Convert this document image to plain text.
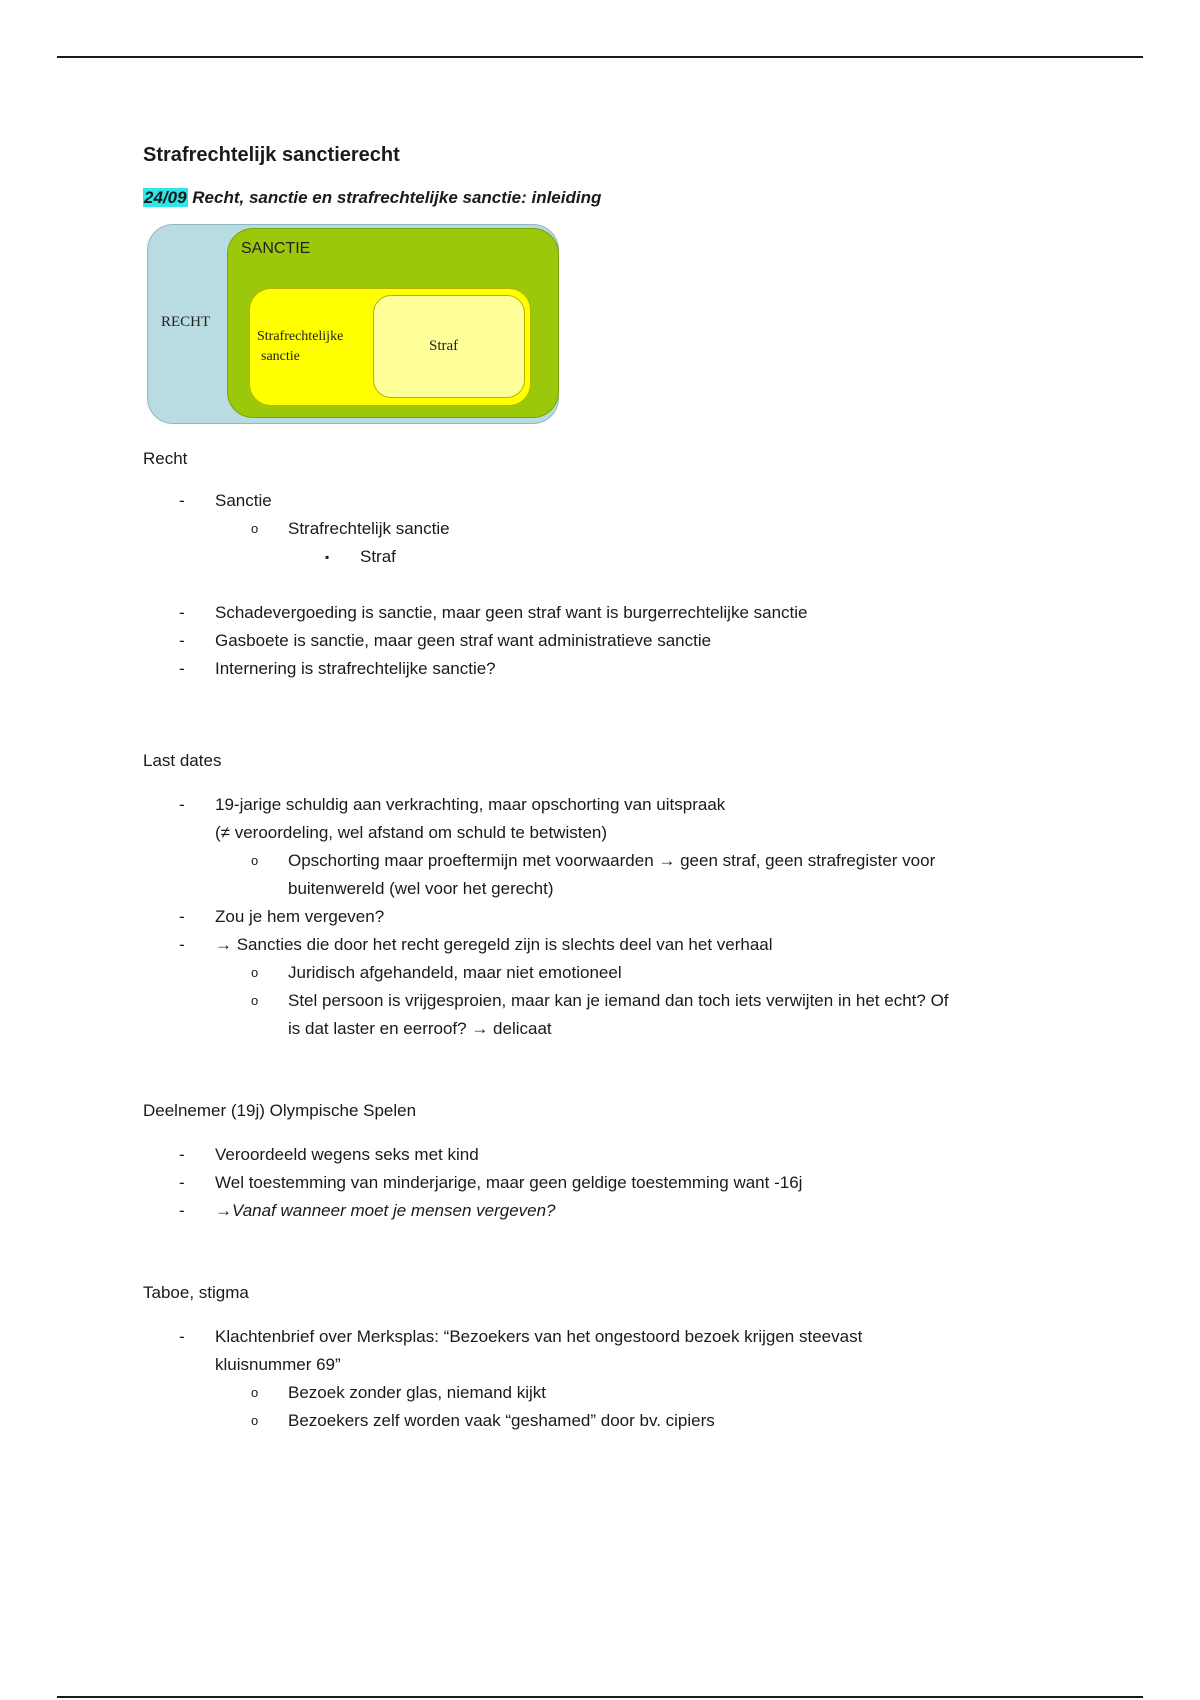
Strafrechtelijk sanctierecht
24/09 Recht, sanctie en strafrechtelijke sanctie: inleiding
RECHT
SANCTIE
Strafrechtelijke
sanctie
Straf

Recht

- Sanctie
o Strafrechtelijk sanctie
▪ Straf
- Schadevergoeding is sanctie, maar geen straf want is burgerrechtelijke sanctie
- Gasboete is sanctie, maar geen straf want administratieve sanctie
- Internering is strafrechtelijke sanctie?

Last dates

- 19-jarige schuldig aan verkrachting, maar opschorting van uitspraak
(≠ veroordeling, wel afstand om schuld te betwisten)
o Opschorting maar proeftermijn met voorwaarden → geen straf, geen strafregister voor
buitenwereld (wel voor het gerecht)
- Zou je hem vergeven?
- → Sancties die door het recht geregeld zijn is slechts deel van het verhaal
o Juridisch afgehandeld, maar niet emotioneel
o Stel persoon is vrijgesproien, maar kan je iemand dan toch iets verwijten in het echt? Of
is dat laster en eerroof? → delicaat

Deelnemer (19j) Olympische Spelen

- Veroordeeld wegens seks met kind
- Wel toestemming van minderjarige, maar geen geldige toestemming want -16j
- →Vanaf wanneer moet je mensen vergeven?

Taboe, stigma

- Klachtenbrief over Merksplas: “Bezoekers van het ongestoord bezoek krijgen steevast
kluisnummer 69”
o Bezoek zonder glas, niemand kijkt
o Bezoekers zelf worden vaak “geshamed” door bv. cipiers
